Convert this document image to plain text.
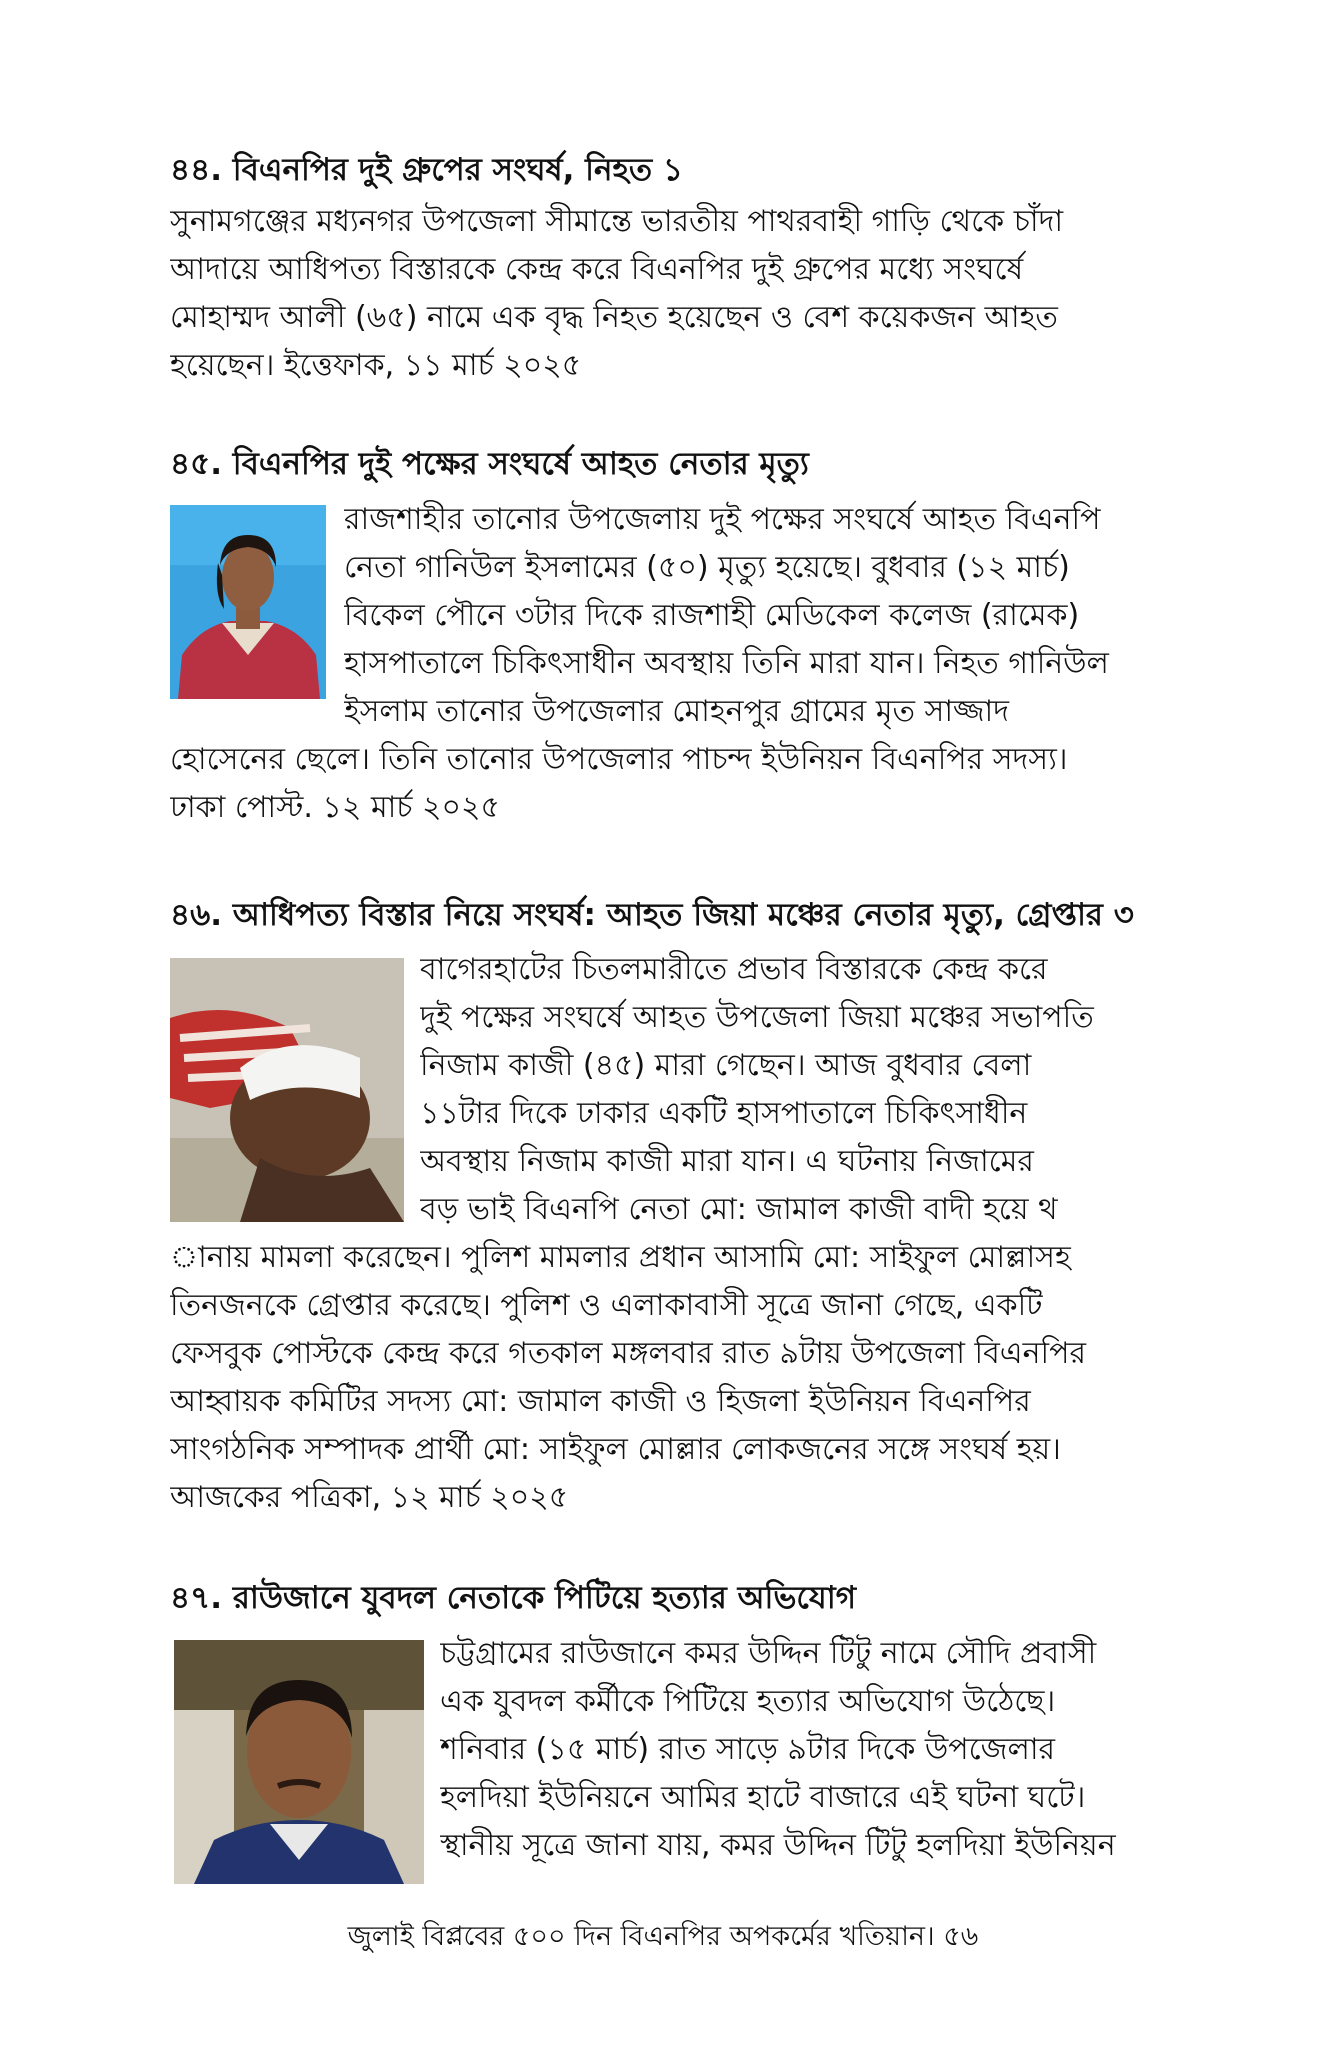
৪৪. বিএনপির দুই গ্রুপের সংঘর্ষ, নিহত ১

সুনামগঞ্জের মধ্যনগর উপজেলা সীমান্তে ভারতীয় পাথরবাহী গাড়ি থেকে চাঁদা

আদায়ে আধিপত্য বিস্তারকে কেন্দ্র করে বিএনপির দুই গ্রুপের মধ্যে সংঘর্ষে

মোহাম্মদ আলী (৬৫) নামে এক বৃদ্ধ নিহত হয়েছেন ও বেশ কয়েকজন আহত

হয়েছেন। ইত্তেফাক, ১১ মার্চ ২০২৫

৪৫. বিএনপির দুই পক্ষের সংঘর্ষে আহত নেতার মৃত্যু

রাজশাহীর তানোর উপজেলায় দুই পক্ষের সংঘর্ষে আহত বিএনপি

নেতা গানিউল ইসলামের (৫০) মৃত্যু হয়েছে। বুধবার (১২ মার্চ)

বিকেল পৌনে ৩টার দিকে রাজশাহী মেডিকেল কলেজ (রামেক)

হাসপাতালে চিকিৎসাধীন অবস্থায় তিনি মারা যান। নিহত গানিউল

ইসলাম তানোর উপজেলার মোহনপুর গ্রামের মৃত সাজ্জাদ

হোসেনের ছেলে। তিনি তানোর উপজেলার পাচন্দ ইউনিয়ন বিএনপির সদস্য।

ঢাকা পোস্ট. ১২ মার্চ ২০২৫

৪৬. আধিপত্য বিস্তার নিয়ে সংঘর্ষ: আহত জিয়া মঞ্চের নেতার মৃত্যু, গ্রেপ্তার ৩

বাগেরহাটের চিতলমারীতে প্রভাব বিস্তারকে কেন্দ্র করে

দুই পক্ষের সংঘর্ষে আহত উপজেলা জিয়া মঞ্চের সভাপতি

নিজাম কাজী (৪৫) মারা গেছেন। আজ বুধবার বেলা

১১টার দিকে ঢাকার একটি হাসপাতালে চিকিৎসাধীন

অবস্থায় নিজাম কাজী মারা যান। এ ঘটনায় নিজামের

বড় ভাই বিএনপি নেতা মো: জামাল কাজী বাদী হয়ে থ

ানায় মামলা করেছেন। পুলিশ মামলার প্রধান আসামি মো: সাইফুল মোল্লাসহ

তিনজনকে গ্রেপ্তার করেছে। পুলিশ ও এলাকাবাসী সূত্রে জানা গেছে, একটি

ফেসবুক পোস্টকে কেন্দ্র করে গতকাল মঙ্গলবার রাত ৯টায় উপজেলা বিএনপির

আহ্বায়ক কমিটির সদস্য মো: জামাল কাজী ও হিজলা ইউনিয়ন বিএনপির

সাংগঠনিক সম্পাদক প্রার্থী মো: সাইফুল মোল্লার লোকজনের সঙ্গে সংঘর্ষ হয়।

আজকের পত্রিকা, ১২ মার্চ ২০২৫

৪৭. রাউজানে যুবদল নেতাকে পিটিয়ে হত্যার অভিযোগ

চট্টগ্রামের রাউজানে কমর উদ্দিন টিটু নামে সৌদি প্রবাসী

এক যুবদল কর্মীকে পিটিয়ে হত্যার অভিযোগ উঠেছে।

শনিবার (১৫ মার্চ) রাত সাড়ে ৯টার দিকে উপজেলার

হলদিয়া ইউনিয়নে আমির হাটে বাজারে এই ঘটনা ঘটে।

স্থানীয় সূত্রে জানা যায়, কমর উদ্দিন টিটু হলদিয়া ইউনিয়ন

জুলাই বিপ্লবের ৫০০ দিন বিএনপির অপকর্মের খতিয়ান। ৫৬
